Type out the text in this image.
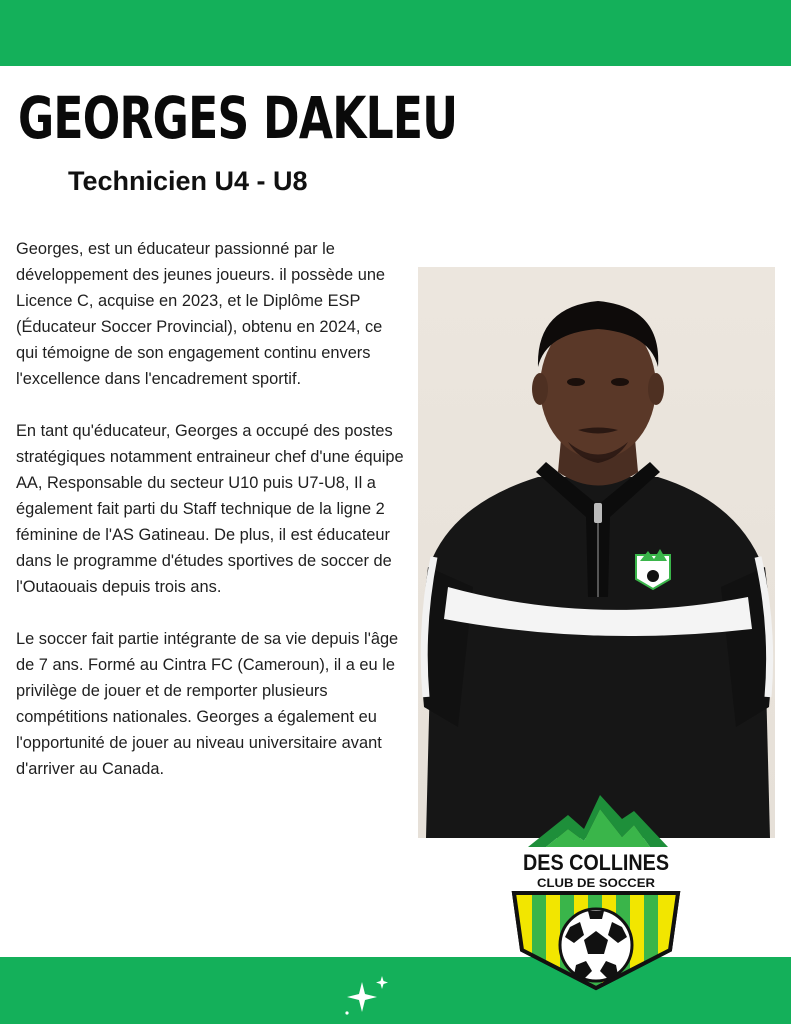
GEORGES DAKLEU
Technicien U4 - U8

Georges, est un éducateur passionné par le développement des jeunes joueurs. il possède une Licence C, acquise en 2023, et le Diplôme ESP (Éducateur Soccer Provincial), obtenu en 2024, ce qui témoigne de son engagement continu envers l'excellence dans l'encadrement sportif.

En tant qu'éducateur, Georges a occupé des postes stratégiques notamment entraineur chef d'une équipe AA, Responsable du secteur U10 puis U7-U8, Il a également fait parti du Staff technique de la ligne 2 féminine de l'AS Gatineau. De plus, il est éducateur dans le programme d'études sportives de soccer de l'Outaouais depuis trois ans.

Le soccer fait partie intégrante de sa vie depuis l'âge de 7 ans. Formé au Cintra FC (Cameroun), il a eu le privilège de jouer et de remporter plusieurs compétitions nationales. Georges a également eu l'opportunité de jouer au niveau universitaire avant d'arriver au Canada.

DES COLLINES
CLUB DE SOCCER
